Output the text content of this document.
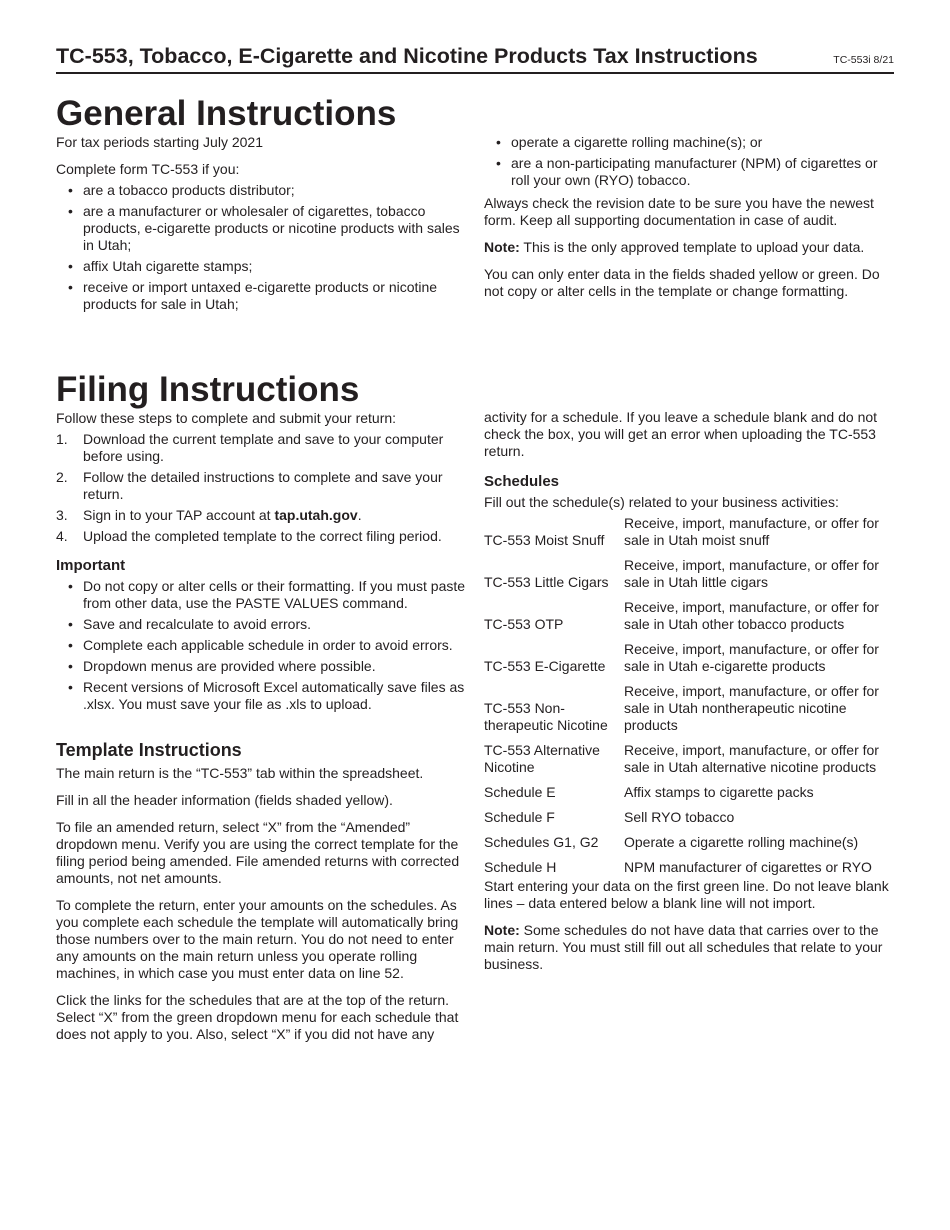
TC-553, Tobacco, E-Cigarette and Nicotine Products Tax Instructions	TC-553i 8/21
General Instructions

For tax periods starting July 2021

Complete form TC-553 if you:

• are a tobacco products distributor;
• are a manufacturer or wholesaler of cigarettes, tobacco products, e-cigarette products or nicotine products with sales in Utah;
• affix Utah cigarette stamps;
• receive or import untaxed e-cigarette products or nicotine products for sale in Utah;
• operate a cigarette rolling machine(s); or
• are a non-participating manufacturer (NPM) of cigarettes or roll your own (RYO) tobacco.

Always check the revision date to be sure you have the newest form. Keep all supporting documentation in case of audit.

Note: This is the only approved template to upload your data.

You can only enter data in the fields shaded yellow or green. Do not copy or alter cells in the template or change formatting.

Filing Instructions

Follow these steps to complete and submit your return:

1. Download the current template and save to your computer before using.
2. Follow the detailed instructions to complete and save your return.
3. Sign in to your TAP account at tap.utah.gov.
4. Upload the completed template to the correct filing period.
Important
• Do not copy or alter cells or their formatting. If you must paste from other data, use the PASTE VALUES command.
• Save and recalculate to avoid errors.
• Complete each applicable schedule in order to avoid errors.
• Dropdown menus are provided where possible.
• Recent versions of Microsoft Excel automatically save files as .xlsx. You must save your file as .xls to upload.
Template Instructions

The main return is the “TC-553” tab within the spreadsheet.

Fill in all the header information (fields shaded yellow).

To file an amended return, select “X” from the “Amended” dropdown menu. Verify you are using the correct template for the filing period being amended. File amended returns with corrected amounts, not net amounts.

To complete the return, enter your amounts on the schedules. As you complete each schedule the template will automatically bring those numbers over to the main return. You do not need to enter any amounts on the main return unless you operate rolling machines, in which case you must enter data on line 52.

Click the links for the schedules that are at the top of the return. Select “X” from the green dropdown menu for each schedule that does not apply to you. Also, select “X” if you did not have any

activity for a schedule. If you leave a schedule blank and do not check the box, you will get an error when uploading the TC-553 return.

Schedules

Fill out the schedule(s) related to your business activities:

TC-553 Moist Snuff	Receive, import, manufacture, or offer for sale in Utah moist snuff
TC-553 Little Cigars	Receive, import, manufacture, or offer for sale in Utah little cigars
TC-553 OTP	Receive, import, manufacture, or offer for sale in Utah other tobacco products
TC-553 E-Cigarette	Receive, import, manufacture, or offer for sale in Utah e-cigarette products
TC-553 Non-therapeutic Nicotine	Receive, import, manufacture, or offer for sale in Utah nontherapeutic nicotine products
TC-553 Alternative Nicotine	Receive, import, manufacture, or offer for sale in Utah alternative nicotine products
Schedule E	Affix stamps to cigarette packs
Schedule F	Sell RYO tobacco
Schedules G1, G2	Operate a cigarette rolling machine(s)
Schedule H	NPM manufacturer of cigarettes or RYO

Start entering your data on the first green line. Do not leave blank lines – data entered below a blank line will not import.

Note: Some schedules do not have data that carries over to the main return. You must still fill out all schedules that relate to your business.
